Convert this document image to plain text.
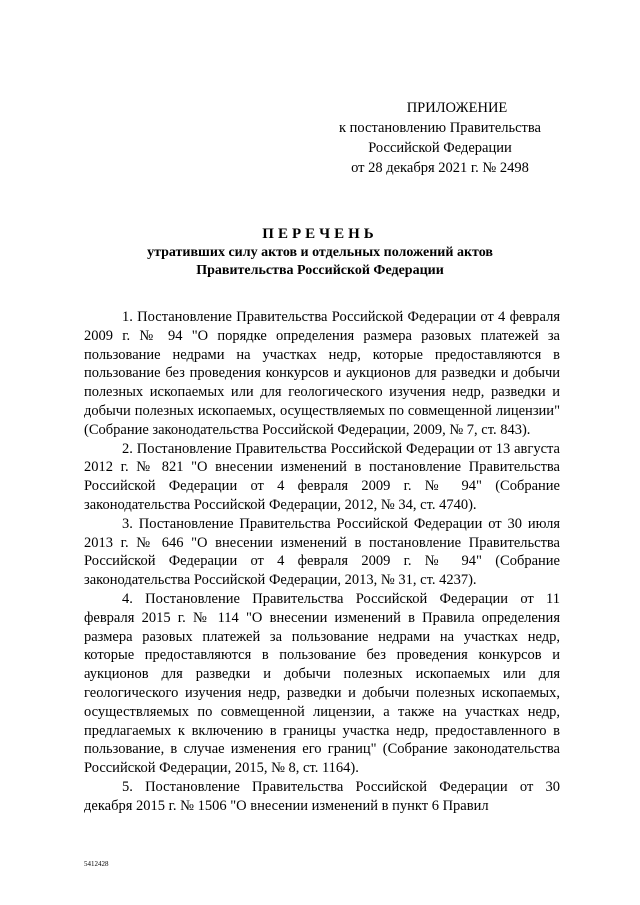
ПРИЛОЖЕНИЕ
к постановлению Правительства
Российской Федерации
от 28 декабря 2021 г. № 2498
ПЕРЕЧЕНЬ
утративших силу актов и отдельных положений актов
Правительства Российской Федерации

1. Постановление Правительства Российской Федерации от 4 февраля 2009 г. № 94 "О порядке определения размера разовых платежей за пользование недрами на участках недр, которые предоставляются в пользование без проведения конкурсов и аукционов для разведки и добычи полезных ископаемых или для геологического изучения недр, разведки и добычи полезных ископаемых, осуществляемых по совмещенной лицензии" (Собрание законодательства Российской Федерации, 2009, № 7, ст. 843).

2. Постановление Правительства Российской Федерации от 13 августа 2012 г. № 821 "О внесении изменений в постановление Правительства Российской Федерации от 4 февраля 2009 г. № 94" (Собрание законодательства Российской Федерации, 2012, № 34, ст. 4740).

3. Постановление Правительства Российской Федерации от 30 июля 2013 г. № 646 "О внесении изменений в постановление Правительства Российской Федерации от 4 февраля 2009 г. № 94" (Собрание законодательства Российской Федерации, 2013, № 31, ст. 4237).

4. Постановление Правительства Российской Федерации от 11 февраля 2015 г. № 114 "О внесении изменений в Правила определения размера разовых платежей за пользование недрами на участках недр, которые предоставляются в пользование без проведения конкурсов и аукционов для разведки и добычи полезных ископаемых или для геологического изучения недр, разведки и добычи полезных ископаемых, осуществляемых по совмещенной лицензии, а также на участках недр, предлагаемых к включению в границы участка недр, предоставленного в пользование, в случае изменения его границ" (Собрание законодательства Российской Федерации, 2015, № 8, ст. 1164).

5. Постановление Правительства Российской Федерации от 30 декабря 2015 г. № 1506 "О внесении изменений в пункт 6 Правил

5412428
